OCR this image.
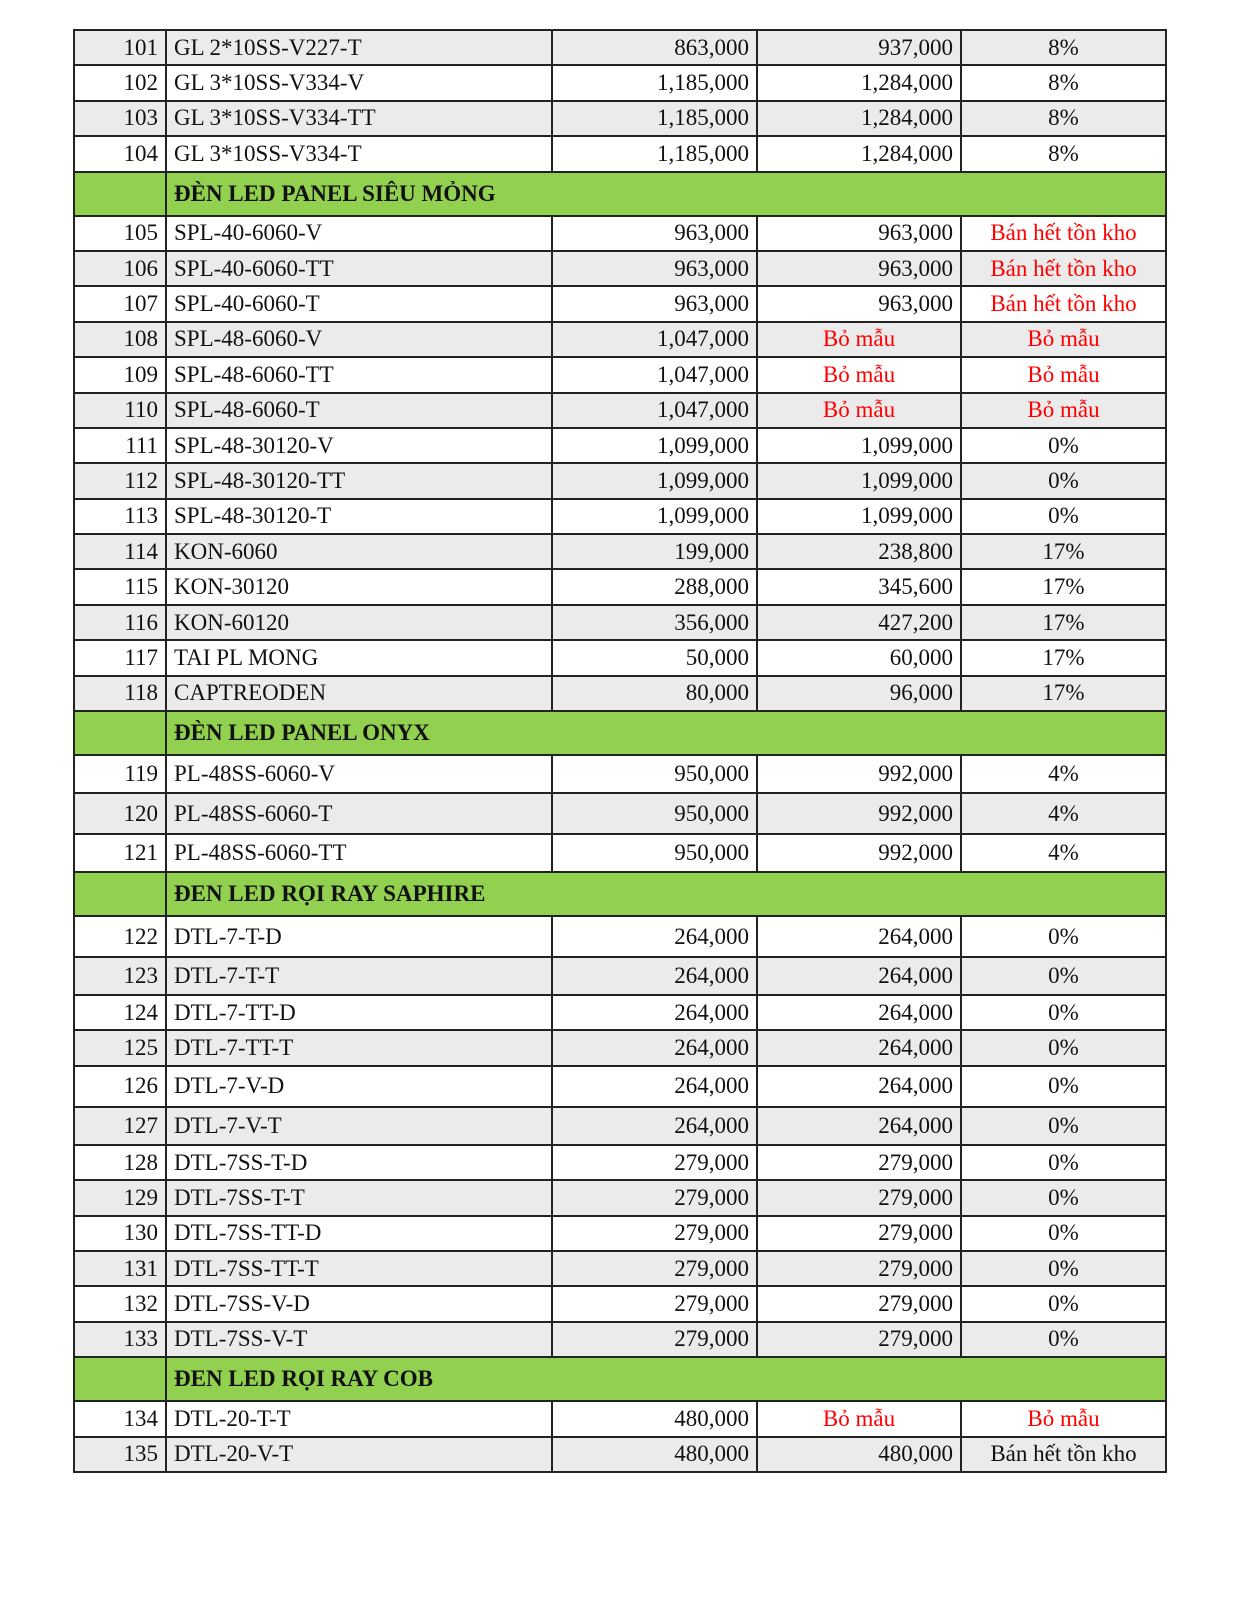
101	GL 2*10SS-V227-T	863,000	937,000	8%
102	GL 3*10SS-V334-V	1,185,000	1,284,000	8%
103	GL 3*10SS-V334-TT	1,185,000	1,284,000	8%
104	GL 3*10SS-V334-T	1,185,000	1,284,000	8%
	ĐÈN LED PANEL SIÊU MỎNG			
105	SPL-40-6060-V	963,000	963,000	Bán hết tồn kho
106	SPL-40-6060-TT	963,000	963,000	Bán hết tồn kho
107	SPL-40-6060-T	963,000	963,000	Bán hết tồn kho
108	SPL-48-6060-V	1,047,000	Bỏ mẫu	Bỏ mẫu
109	SPL-48-6060-TT	1,047,000	Bỏ mẫu	Bỏ mẫu
110	SPL-48-6060-T	1,047,000	Bỏ mẫu	Bỏ mẫu
111	SPL-48-30120-V	1,099,000	1,099,000	0%
112	SPL-48-30120-TT	1,099,000	1,099,000	0%
113	SPL-48-30120-T	1,099,000	1,099,000	0%
114	KON-6060	199,000	238,800	17%
115	KON-30120	288,000	345,600	17%
116	KON-60120	356,000	427,200	17%
117	TAI PL MONG	50,000	60,000	17%
118	CAPTREODEN	80,000	96,000	17%
	ĐÈN LED PANEL ONYX			
119	PL-48SS-6060-V	950,000	992,000	4%
120	PL-48SS-6060-T	950,000	992,000	4%
121	PL-48SS-6060-TT	950,000	992,000	4%
	ĐEN LED RỌI RAY SAPHIRE			
122	DTL-7-T-D	264,000	264,000	0%
123	DTL-7-T-T	264,000	264,000	0%
124	DTL-7-TT-D	264,000	264,000	0%
125	DTL-7-TT-T	264,000	264,000	0%
126	DTL-7-V-D	264,000	264,000	0%
127	DTL-7-V-T	264,000	264,000	0%
128	DTL-7SS-T-D	279,000	279,000	0%
129	DTL-7SS-T-T	279,000	279,000	0%
130	DTL-7SS-TT-D	279,000	279,000	0%
131	DTL-7SS-TT-T	279,000	279,000	0%
132	DTL-7SS-V-D	279,000	279,000	0%
133	DTL-7SS-V-T	279,000	279,000	0%
	ĐEN LED RỌI RAY COB			
134	DTL-20-T-T	480,000	Bỏ mẫu	Bỏ mẫu
135	DTL-20-V-T	480,000	480,000	Bán hết tồn kho
